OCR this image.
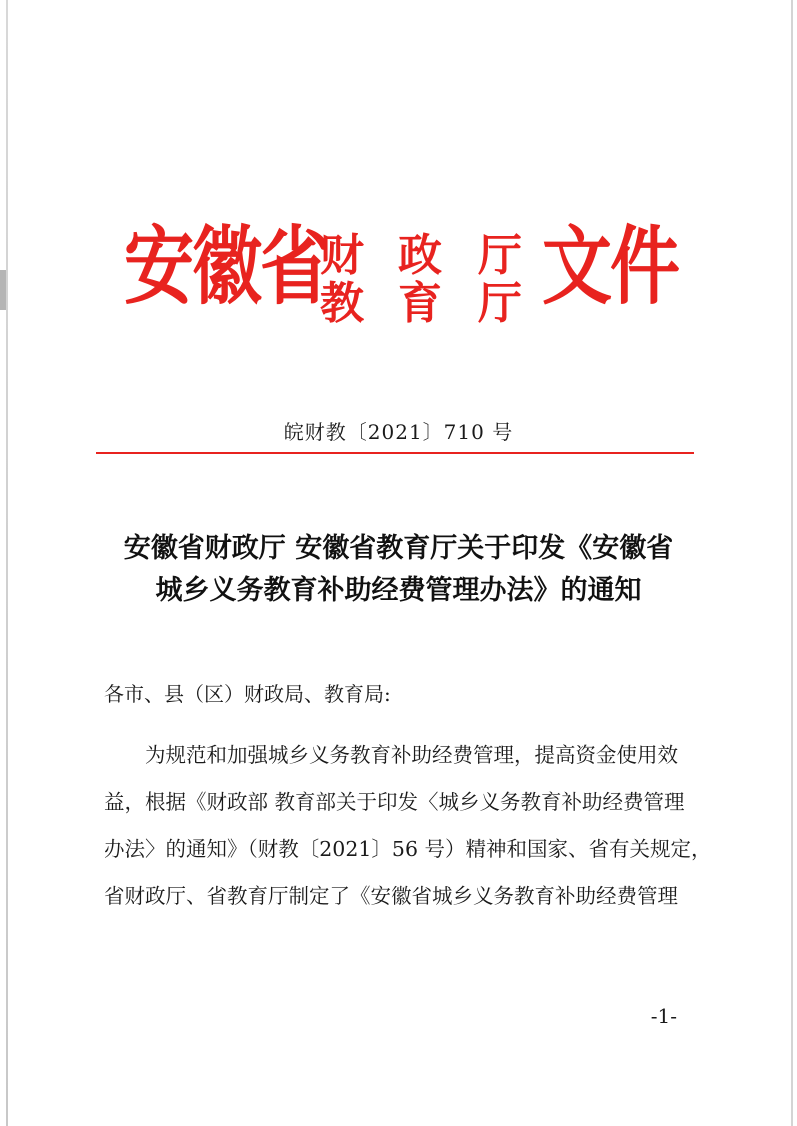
安徽省
财
教
政
育
厅
厅 文件
皖财教〔2021〕710 号
安徽省财政厅 安徽省教育厅关于印发《安徽省
城乡义务教育补助经费管理办法》的通知
各市、县（区）财政局、教育局:
为规范和加强城乡义务教育补助经费管理，提高资金使用效
益，根据《财政部 教育部关于印发〈城乡义务教育补助经费管理
办法〉的通知》（财教〔2021〕56 号）精神和国家、省有关规定，
省财政厅、省教育厅制定了《安徽省城乡义务教育补助经费管理
-1-
